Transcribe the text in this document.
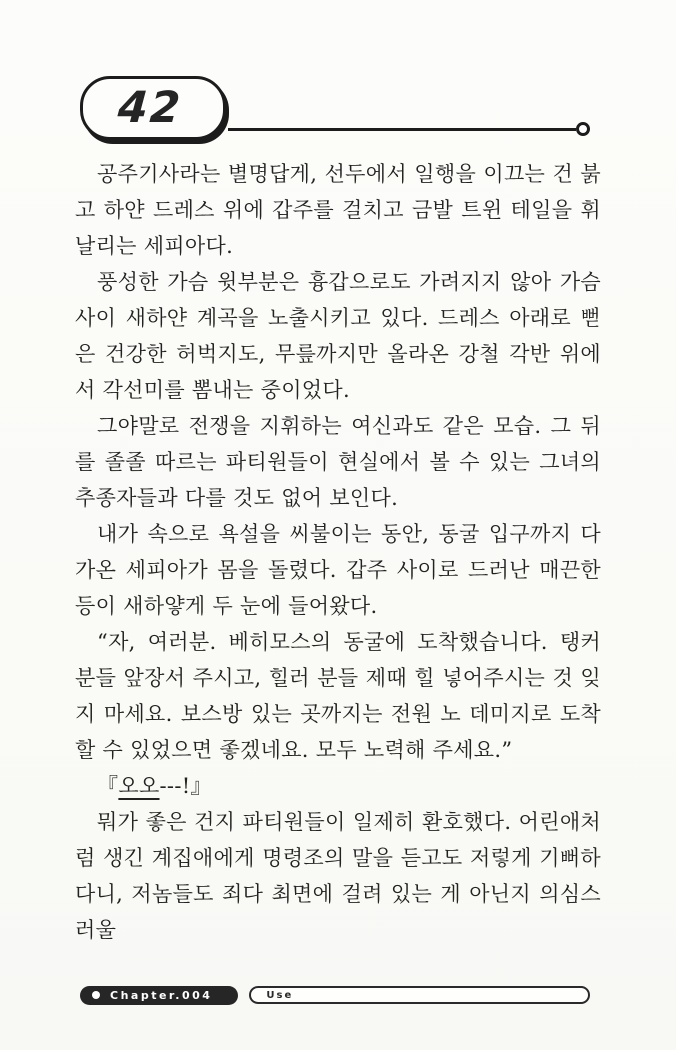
42

공주기사라는 별명답게, 선두에서 일행을 이끄는 건 붉고 하얀 드레스 위에 갑주를 걸치고 금발 트윈 테일을 휘날리는 세피아다.

풍성한 가슴 윗부분은 흉갑으로도 가려지지 않아 가슴 사이 새하얀 계곡을 노출시키고 있다. 드레스 아래로 뻗은 건강한 허벅지도, 무릎까지만 올라온 강철 각반 위에서 각선미를 뽐내는 중이었다.

그야말로 전쟁을 지휘하는 여신과도 같은 모습. 그 뒤를 졸졸 따르는 파티원들이 현실에서 볼 수 있는 그녀의 추종자들과 다를 것도 없어 보인다.

내가 속으로 욕설을 씨불이는 동안, 동굴 입구까지 다가온 세피아가 몸을 돌렸다. 갑주 사이로 드러난 매끈한 등이 새하얗게 두 눈에 들어왔다.

“자, 여러분. 베히모스의 동굴에 도착했습니다. 탱커 분들 앞장서 주시고, 힐러 분들 제때 힐 넣어주시는 것 잊지 마세요. 보스방 있는 곳까지는 전원 노 데미지로 도착할 수 있었으면 좋겠네요. 모두 노력해 주세요.”

『오오---!』

뭐가 좋은 건지 파티원들이 일제히 환호했다. 어린애처럼 생긴 계집애에게 명령조의 말을 듣고도 저렇게 기뻐하다니, 저놈들도 죄다 최면에 걸려 있는 게 아닌지 의심스러울

Chapter.004	Use
